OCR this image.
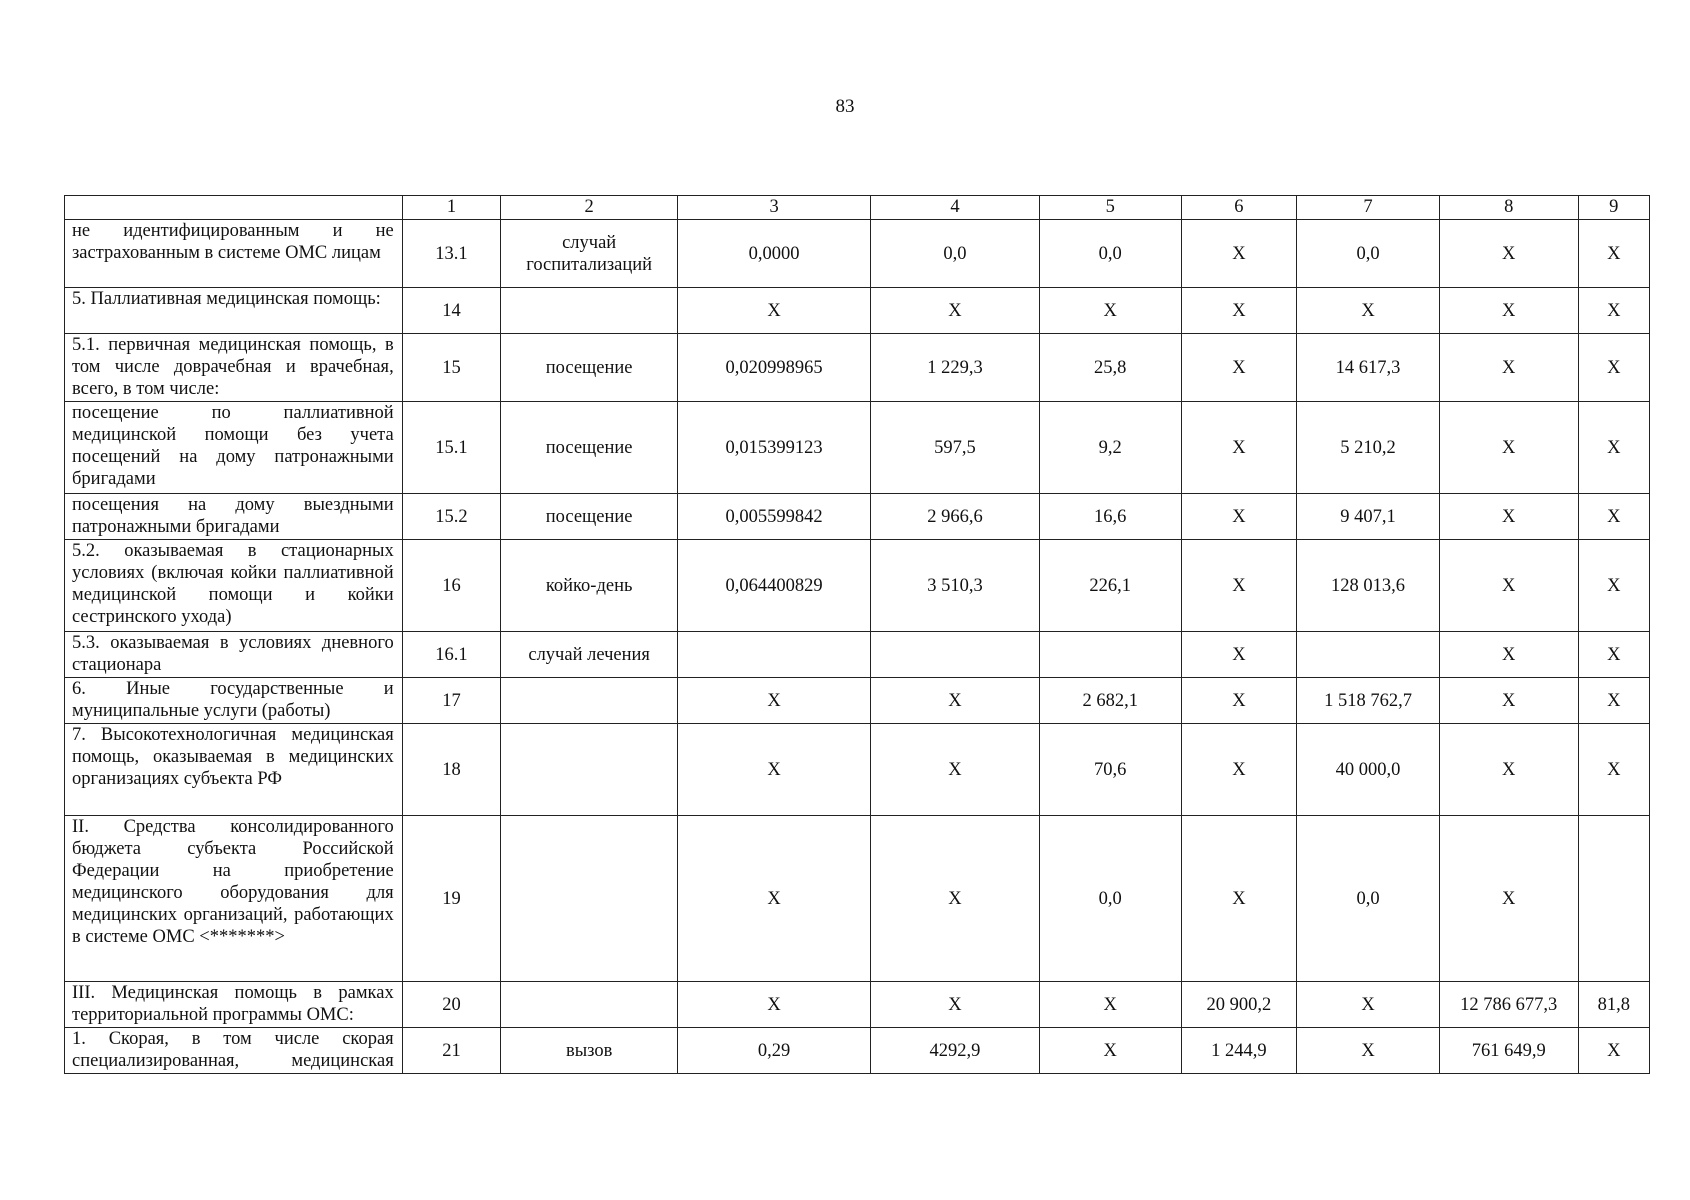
83
	1	2	3	4	5	6	7	8	9
не идентифицированным и не застрахованным в системе ОМС лицам	13.1	случай госпитализаций	0,0000	0,0	0,0	Х	0,0	Х	Х
5. Паллиативная медицинская помощь:	14		Х	Х	Х	Х	Х	Х	Х
5.1. первичная медицинская помощь, в том числе доврачебная и врачебная, всего, в том числе:	15	посещение	0,020998965	1 229,3	25,8	Х	14 617,3	Х	Х
посещение по паллиативной медицинской помощи без учета посещений на дому патронажными бригадами	15.1	посещение	0,015399123	597,5	9,2	Х	5 210,2	Х	Х
посещения на дому выездными патронажными бригадами	15.2	посещение	0,005599842	2 966,6	16,6	Х	9 407,1	Х	Х
5.2. оказываемая в стационарных условиях (включая койки паллиативной медицинской помощи и койки сестринского ухода)	16	койко-день	0,064400829	3 510,3	226,1	Х	128 013,6	Х	Х
5.3. оказываемая в условиях дневного стационара	16.1	случай лечения				Х		Х	Х
6. Иные государственные и муниципальные услуги (работы)	17		Х	Х	2 682,1	Х	1 518 762,7	Х	Х
7. Высокотехнологичная медицинская помощь, оказываемая в медицинских организациях субъекта РФ	18		Х	Х	70,6	Х	40 000,0	Х	Х
II. Средства консолидированного бюджета субъекта Российской Федерации на приобретение медицинского оборудования для медицинских организаций, работающих в системе ОМС <*******>	19		Х	Х	0,0	Х	0,0	Х	
III. Медицинская помощь в рамках территориальной программы ОМС:	20		Х	Х	Х	20 900,2	Х	12 786 677,3	81,8
1. Скорая, в том числе скорая специализированная, медицинская	21	вызов	0,29	4292,9	Х	1 244,9	Х	761 649,9	Х
